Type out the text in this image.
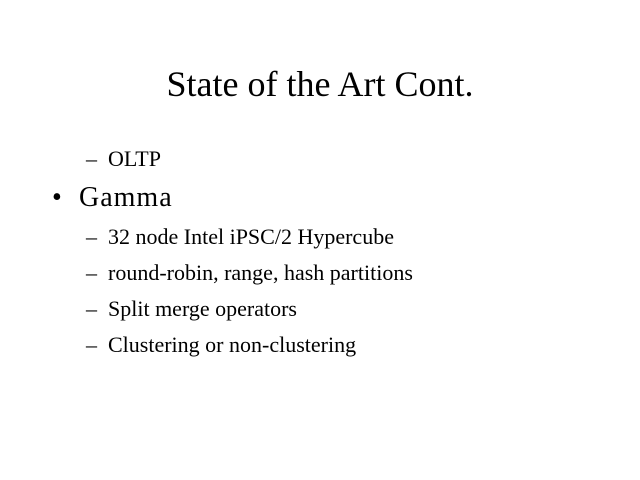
State of the Art Cont.
– OLTP
• Gamma
– 32 node Intel iPSC/2 Hypercube
– round-robin, range, hash partitions
– Split merge operators
– Clustering or non-clustering
